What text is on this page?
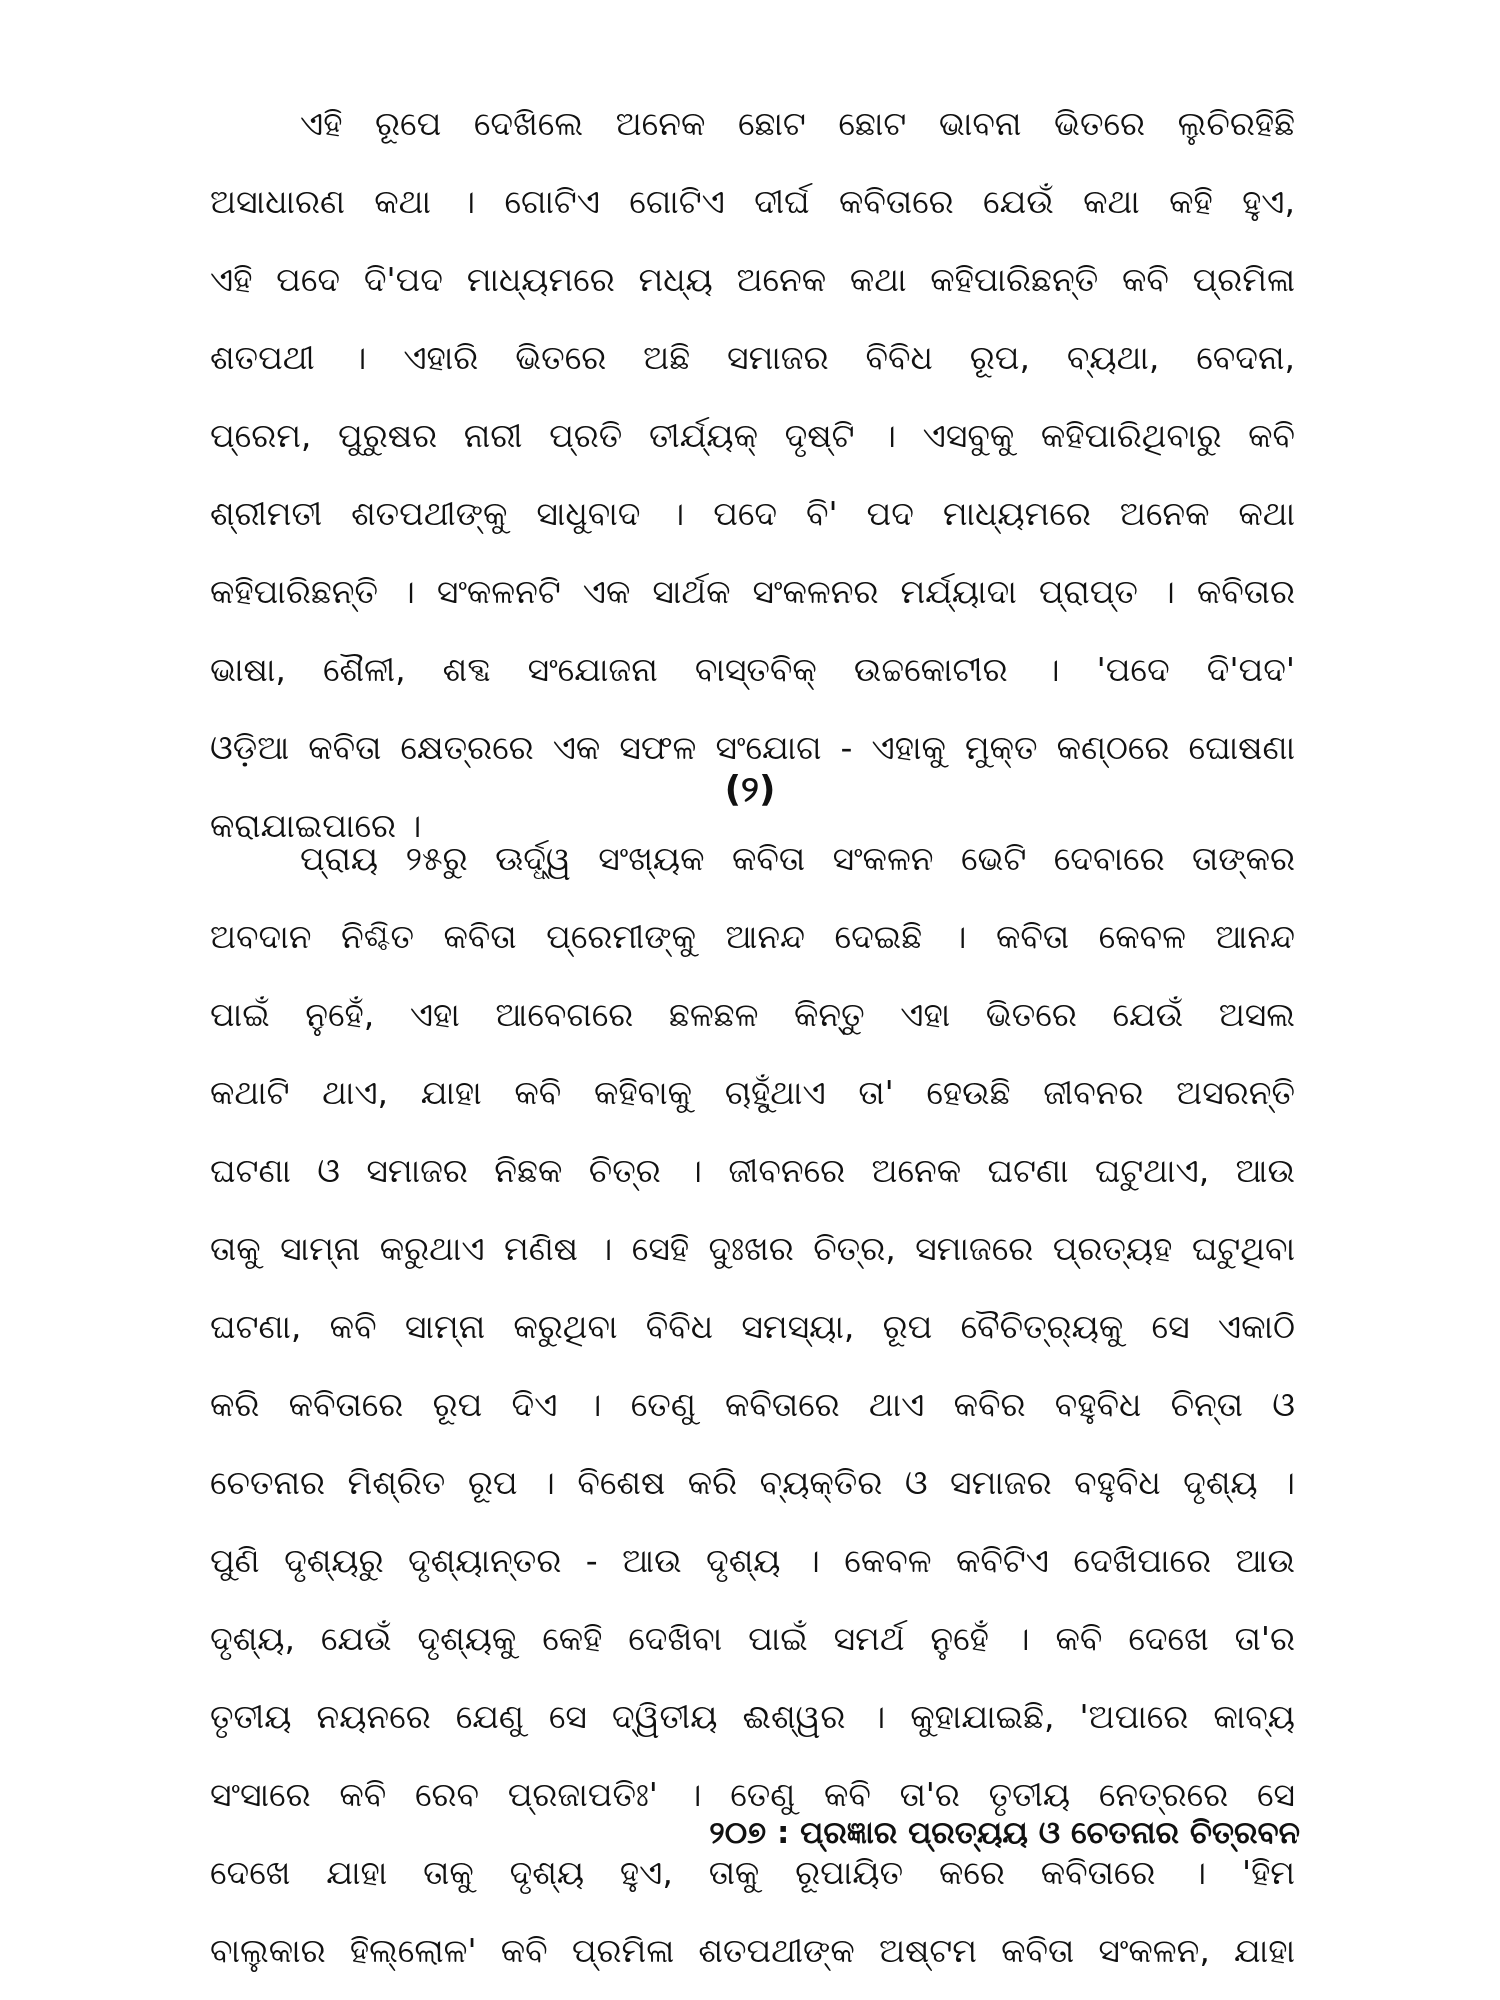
ଏହି ରୂପେ ଦେଖିଲେ ଅନେକ ଛୋଟ ଛୋଟ ଭାବନା ଭିତରେ ଲୁଚିରହିଛି
ଅସାଧାରଣ କଥା । ଗୋଟିଏ ଗୋଟିଏ ଦୀର୍ଘ କବିତାରେ ଯେଉଁ କଥା କହି ହୁଏ,
ଏହି ପଦେ ଦି'ପଦ ମାଧ୍ୟମରେ ମଧ୍ୟ ଅନେକ କଥା କହିପାରିଛନ୍ତି କବି ପ୍ରମିଳା
ଶତପଥୀ । ଏହାରି ଭିତରେ ଅଛି ସମାଜର ବିବିଧ ରୂପ, ବ୍ୟଥା, ବେଦନା,
ପ୍ରେମ, ପୁରୁଷର ନାରୀ ପ୍ରତି ତୀର୍ଯ୍ୟକ୍ ଦୃଷ୍ଟି । ଏସବୁକୁ କହିପାରିଥିବାରୁ କବି
ଶ୍ରୀମତୀ ଶତପଥୀଙ୍କୁ ସାଧୁବାଦ । ପଦେ ବି' ପଦ ମାଧ୍ୟମରେ ଅନେକ କଥା
କହିପାରିଛନ୍ତି । ସଂକଳନଟି ଏକ ସାର୍ଥକ ସଂକଳନର ମର୍ଯ୍ୟାଦା ପ୍ରାପ୍ତ । କବିତାର
ଭାଷା, ଶୈଳୀ, ଶବ୍ଦ ସଂଯୋଜନା ବାସ୍ତବିକ୍ ଉଚ୍ଚକୋଟୀର । 'ପଦେ ଦି'ପଦ'
ଓଡ଼ିଆ କବିତା କ୍ଷେତ୍ରରେ ଏକ ସଫଳ ସଂଯୋଗ - ଏହାକୁ ମୁକ୍ତ କଣ୍ଠରେ ଘୋଷଣା
କରାଯାଇପାରେ ।
(୨)
ପ୍ରାୟ ୨୫ରୁ ଊର୍ଦ୍ଧ୍ୱ ସଂଖ୍ୟକ କବିତା ସଂକଳନ ଭେଟି ଦେବାରେ ତାଙ୍କର
ଅବଦାନ ନିଶ୍ଚିତ କବିତା ପ୍ରେମୀଙ୍କୁ ଆନନ୍ଦ ଦେଇଛି । କବିତା କେବଳ ଆନନ୍ଦ
ପାଇଁ ନୁହେଁ, ଏହା ଆବେଗରେ ଛଳଛଳ କିନ୍ତୁ ଏହା ଭିତରେ ଯେଉଁ ଅସଲ
କଥାଟି ଥାଏ, ଯାହା କବି କହିବାକୁ ଚାହୁଁଥାଏ ତା' ହେଉଛି ଜୀବନର ଅସରନ୍ତି
ଘଟଣା ଓ ସମାଜର ନିଛକ ଚିତ୍ର । ଜୀବନରେ ଅନେକ ଘଟଣା ଘଟୁଥାଏ, ଆଉ
ତାକୁ ସାମ୍ନା କରୁଥାଏ ମଣିଷ । ସେହି ଦୁଃଖର ଚିତ୍ର, ସମାଜରେ ପ୍ରତ୍ୟହ ଘଟୁଥିବା
ଘଟଣା, କବି ସାମ୍ନା କରୁଥିବା ବିବିଧ ସମସ୍ୟା, ରୂପ ବୈଚିତ୍ର୍ୟକୁ ସେ ଏକାଠି
କରି କବିତାରେ ରୂପ ଦିଏ । ତେଣୁ କବିତାରେ ଥାଏ କବିର ବହୁବିଧ ଚିନ୍ତା ଓ
ଚେତନାର ମିଶ୍ରିତ ରୂପ । ବିଶେଷ କରି ବ୍ୟକ୍ତିର ଓ ସମାଜର ବହୁବିଧ ଦୃଶ୍ୟ ।
ପୁଣି ଦୃଶ୍ୟରୁ ଦୃଶ୍ୟାନ୍ତର - ଆଉ ଦୃଶ୍ୟ । କେବଳ କବିଟିଏ ଦେଖିପାରେ ଆଉ
ଦୃଶ୍ୟ, ଯେଉଁ ଦୃଶ୍ୟକୁ କେହି ଦେଖିବା ପାଇଁ ସମର୍ଥ ନୁହେଁ । କବି ଦେଖେ ତା'ର
ତୃତୀୟ ନୟନରେ ଯେଣୁ ସେ ଦ୍ୱିତୀୟ ଈଶ୍ୱର । କୁହାଯାଇଛି, 'ଅପାରେ କାବ୍ୟ
ସଂସାରେ କବି ରେବ ପ୍ରଜାପତିଃ' । ତେଣୁ କବି ତା'ର ତୃତୀୟ ନେତ୍ରରେ ସେ
ଦେଖେ ଯାହା ତାକୁ ଦୃଶ୍ୟ ହୁଏ, ତାକୁ ରୂପାୟିତ କରେ କବିତାରେ । 'ହିମ
ବାଲୁକାର ହିଲ୍ଲୋଳ' କବି ପ୍ରମିଳା ଶତପଥୀଙ୍କ ଅଷ୍ଟମ କବିତା ସଂକଳନ, ଯାହା
୨୦୭ : ପ୍ରଜ୍ଞାର ପ୍ରତ୍ୟୟ ଓ ଚେତନାର ଚିତ୍ରବନ
